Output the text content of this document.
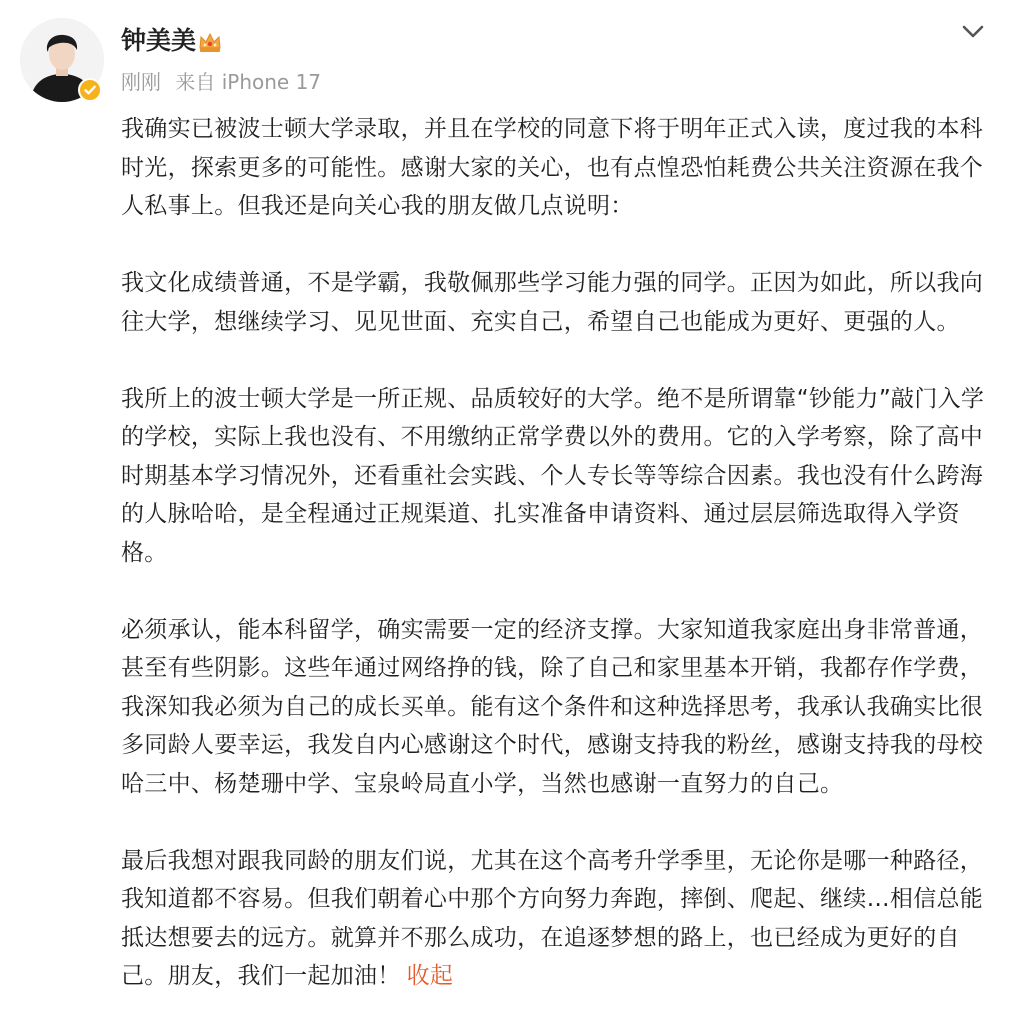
钟美美
刚刚 来自 iPhone 17

我确实已被波士顿大学录取，并且在学校的同意下将于明年正式入读，度过我的本科时光，探索更多的可能性。感谢大家的关心，也有点惶恐怕耗费公共关注资源在我个人私事上。但我还是向关心我的朋友做几点说明：

我文化成绩普通，不是学霸，我敬佩那些学习能力强的同学。正因为如此，所以我向往大学，想继续学习、见见世面、充实自己，希望自己也能成为更好、更强的人。

我所上的波士顿大学是一所正规、品质较好的大学。绝不是所谓靠“钞能力”敲门入学的学校，实际上我也没有、不用缴纳正常学费以外的费用。它的入学考察，除了高中时期基本学习情况外，还看重社会实践、个人专长等等综合因素。我也没有什么跨海的人脉哈哈，是全程通过正规渠道、扎实准备申请资料、通过层层筛选取得入学资格。

必须承认，能本科留学，确实需要一定的经济支撑。大家知道我家庭出身非常普通，甚至有些阴影。这些年通过网络挣的钱，除了自己和家里基本开销，我都存作学费，我深知我必须为自己的成长买单。能有这个条件和这种选择思考，我承认我确实比很多同龄人要幸运，我发自内心感谢这个时代，感谢支持我的粉丝，感谢支持我的母校哈三中、杨楚珊中学、宝泉岭局直小学，当然也感谢一直努力的自己。

最后我想对跟我同龄的朋友们说，尤其在这个高考升学季里，无论你是哪一种路径，我知道都不容易。但我们朝着心中那个方向努力奔跑，摔倒、爬起、继续…相信总能抵达想要去的远方。就算并不那么成功，在追逐梦想的路上，也已经成为更好的自己。朋友，我们一起加油！ 收起
